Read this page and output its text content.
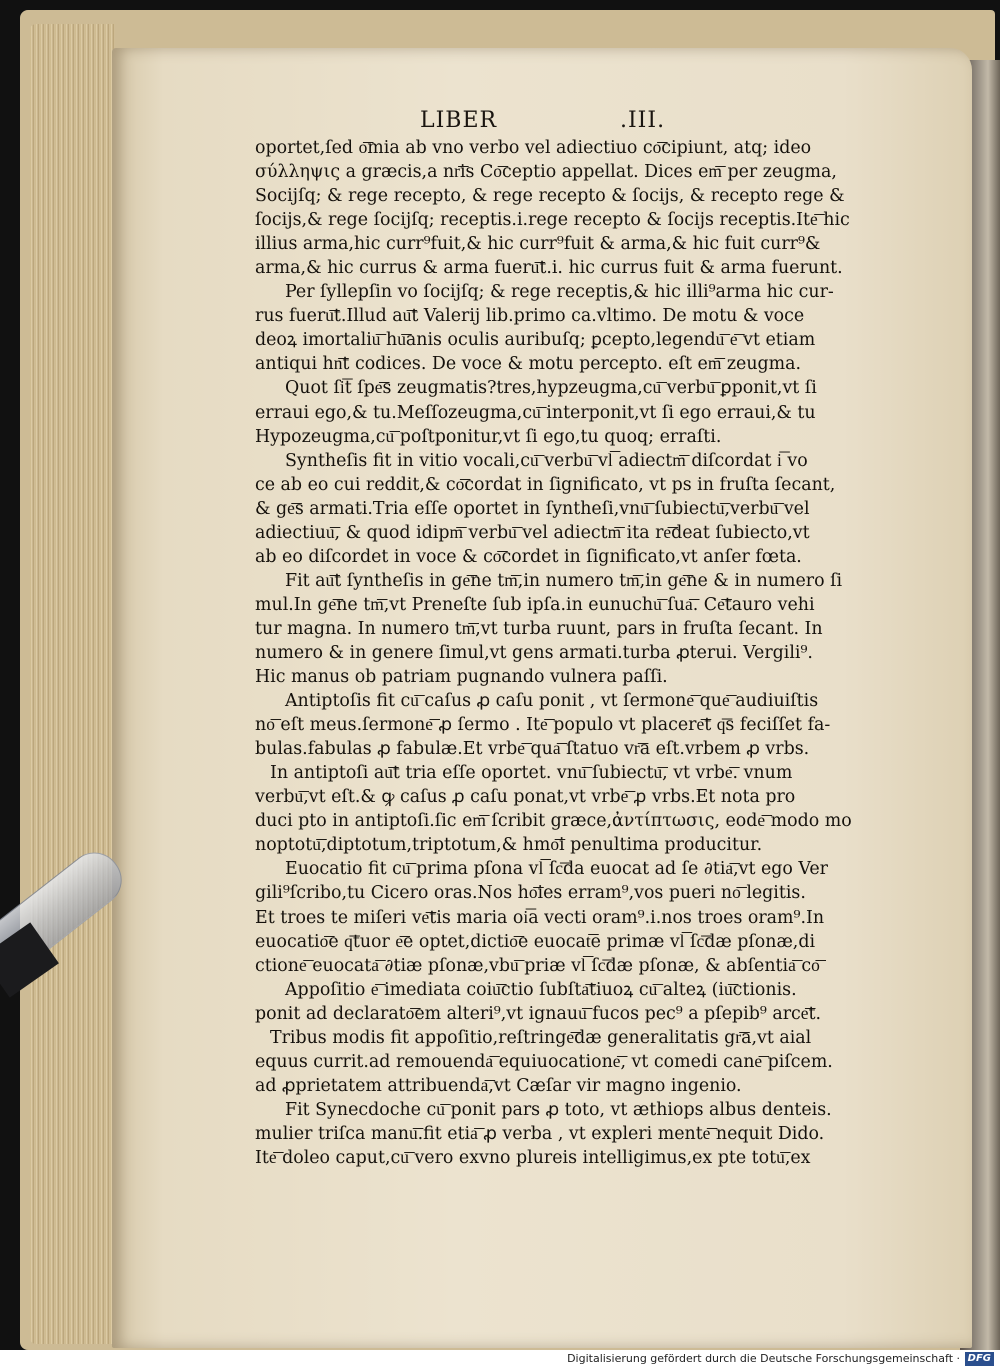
LIBER	.III.
oportet,ſed o͞mia ab vno verbo vel adiectiuo co͞cipiunt, atq; ideo
σύλληψις a græcis,a nr͞is Co͞ceptio appellat. Dices em͞ per zeugma,
Socijſq; & rege recepto, & rege recepto & ſocijs, & recepto rege &
ſocijs,& rege ſocijſq; receptis.i.rege recepto & ſocijs receptis.Ite͞ hic
illius arma,hic curr⁹fuit,& hic curr⁹fuit & arma,& hic fuit curr⁹&
arma,& hic currus & arma fueru͞t.i. hic currus fuit & arma fuerunt.
Per ſyllepſin vo ſocijſq; & rege receptis,& hic illi⁹arma hic cur-
rus fueru͞t.Illud au͞t Valerij lib.primo ca.vltimo. De motu & voce
deoꝝ imortaliu͞ hu͞anis oculis auribuſq; ꝑcepto,legendu͞ e͞ vt etiam
antiqui hn͞t codices. De voce & motu percepto. eſt em͞ zeugma.
Quot ſi͞t ſpe͞s zeugmatis?tres,hypzeugma,cu͞ verbu͞ ꝑponit,vt ſi
erraui ego,& tu.Meſſozeugma,cu͞ interponit,vt ſi ego erraui,& tu
Hypozeugma,cu͞ poſtponitur,vt ſi ego,tu quoq; erraſti.
Syntheſis fit in vitio vocali,cu͞ verbu͞ vl͞ adiectm͞ diſcordat i͞ vo
ce ab eo cui reddit,& co͞cordat in ſignificato, vt ps in fruſta ſecant,
& ge͞s armati.Tria eſſe oportet in ſyntheſi,vnu͞ ſubiectu͞,verbu͞ vel
adiectiuu͞, & quod idipm͞ verbu͞ vel adiectm͞ ita re͞deat ſubiecto,vt
ab eo diſcordet in voce & co͞cordet in ſignificato,vt anſer fœta.
Fit au͞t ſyntheſis in ge͞ne tm͞,in numero tm͞,in ge͞ne & in numero ſi
mul.In ge͞ne tm͞,vt Preneſte ſub ipſa.in eunuchu͞ ſua͞. Ce͞tauro vehi
tur magna. In numero tm͞,vt turba ruunt, pars in fruſta ſecant. In
numero & in genere ſimul,vt gens armati.turba ꝓterui. Vergili⁹.
Hic manus ob patriam pugnando vulnera paſſi.
Antiptoſis fit cu͞ caſus ꝓ caſu ponit , vt ſermone͞ que͞ audiuiſtis
no͞ eſt meus.ſermone͞ ꝓ ſermo . Ite͞ populo vt placere͞t q͞s feciſſet fa-
bulas.fabulas ꝓ fabulæ.Et vrbe͞ qua͞ ſtatuo vr͞a eſt.vrbem ꝓ vrbs.
In antiptoſi au͞t tria eſſe oportet. vnu͞ ſubiectu͞, vt vrbe͞. vnum
verbu͞,vt eſt.& ꝙ caſus ꝓ caſu ponat,vt vrbe͞ ꝓ vrbs.Et nota pro
duci pto in antiptoſi.ſic em͞ ſcribit græce,ἀντίπτωσις, eode͞ modo mo
noptotu͞,diptotum,triptotum,& hmo͞i penultima producitur.
Euocatio fit cu͞ prima pſona vl͞ ſc͞da euocat ad ſe ∂tia͞,vt ego Ver
gili⁹ſcribo,tu Cicero oras.Nos ho͞ies erram⁹,vos pueri no͞ legitis.
Et troes te miſeri ve͞tis maria oi͞a vecti oram⁹.i.nos troes oram⁹.In
euocatio͞e q͞tuor e͞e optet,dictio͞e euocat͞e primæ vl͞ ſc͞dæ pſonæ,di
ctione͞ euocata͞ ∂tiæ pſonæ,vbu͞ priæ vl͞ ſc͞dæ pſonæ, & abſentia͞ co͞
Appoſitio e͞ imediata coiu͞ctio ſubſta͞tiuoꝝ cu͞ alteꝝ (iu͞ctionis.
ponit ad declarato͞em alteri⁹,vt ignauu͞ fucos pec⁹ a pſepib⁹ arce͞t.
Tribus modis fit appoſitio,reſtringe͞dæ generalitatis gr͞a,vt aial
equus currit.ad remouenda͞ equiuocatione͞, vt comedi cane͞ piſcem.
ad ꝓprietatem attribuenda͞,vt Cæſar vir magno ingenio.
Fit Synecdoche cu͞ ponit pars ꝓ toto, vt æthiops albus denteis.
mulier triſca manu͞.fit etia͞ ꝓ verba , vt expleri mente͞ nequit Dido.
Ite͞ doleo caput,cu͞ vero exvno plureis intelligimus,ex pte totu͞,ex
Digitalisierung gefördert durch die Deutsche Forschungsgemeinschaft · DFG
